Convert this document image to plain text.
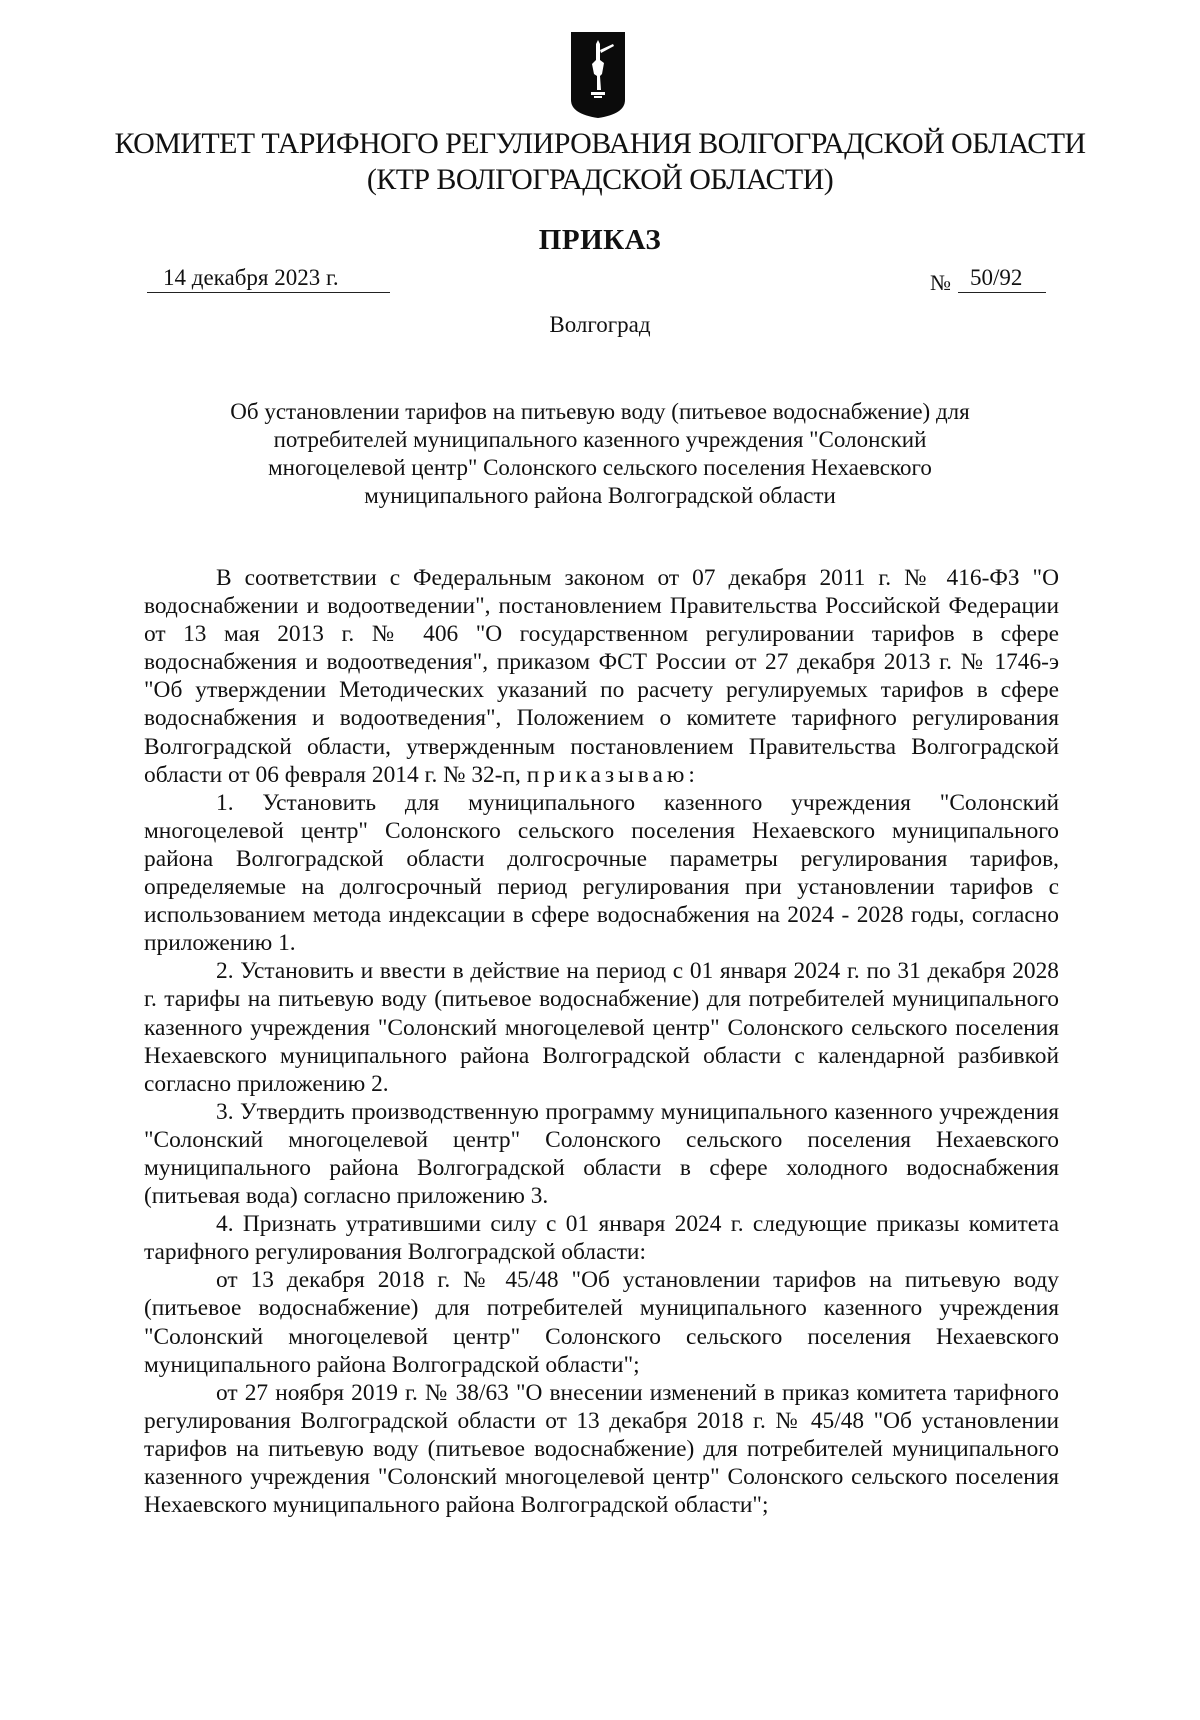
КОМИТЕТ ТАРИФНОГО РЕГУЛИРОВАНИЯ ВОЛГОГРАДСКОЙ ОБЛАСТИ
(КТР ВОЛГОГРАДСКОЙ ОБЛАСТИ)
ПРИКАЗ
14 декабря 2023 г.	№ 50/92
Волгоград
Об установлении тарифов на питьевую воду (питьевое водоснабжение) для потребителей муниципального казенного учреждения "Солонский многоцелевой центр" Солонского сельского поселения Нехаевского муниципального района Волгоградской области

В соответствии с Федеральным законом от 07 декабря 2011 г. № 416-ФЗ "О водоснабжении и водоотведении", постановлением Правительства Российской Федерации от 13 мая 2013 г. № 406 "О государственном регулировании тарифов в сфере водоснабжения и водоотведения", приказом ФСТ России от 27 декабря 2013 г. № 1746-э "Об утверждении Методических указаний по расчету регулируемых тарифов в сфере водоснабжения и водоотведения", Положением о комитете тарифного регулирования Волгоградской области, утвержденным постановлением Правительства Волгоградской области от 06 февраля 2014 г. № 32-п, приказываю:

1. Установить для муниципального казенного учреждения "Солонский многоцелевой центр" Солонского сельского поселения Нехаевского муниципального района Волгоградской области долгосрочные параметры регулирования тарифов, определяемые на долгосрочный период регулирования при установлении тарифов с использованием метода индексации в сфере водоснабжения на 2024 - 2028 годы, согласно приложению 1.

2. Установить и ввести в действие на период с 01 января 2024 г. по 31 декабря 2028 г. тарифы на питьевую воду (питьевое водоснабжение) для потребителей муниципального казенного учреждения "Солонский многоцелевой центр" Солонского сельского поселения Нехаевского муниципального района Волгоградской области с календарной разбивкой согласно приложению 2.

3. Утвердить производственную программу муниципального казенного учреждения "Солонский многоцелевой центр" Солонского сельского поселения Нехаевского муниципального района Волгоградской области в сфере холодного водоснабжения (питьевая вода) согласно приложению 3.

4. Признать утратившими силу с 01 января 2024 г. следующие приказы комитета тарифного регулирования Волгоградской области:

от 13 декабря 2018 г. № 45/48 "Об установлении тарифов на питьевую воду (питьевое водоснабжение) для потребителей муниципального казенного учреждения "Солонский многоцелевой центр" Солонского сельского поселения Нехаевского муниципального района Волгоградской области";

от 27 ноября 2019 г. № 38/63 "О внесении изменений в приказ комитета тарифного регулирования Волгоградской области от 13 декабря 2018 г. № 45/48 "Об установлении тарифов на питьевую воду (питьевое водоснабжение) для потребителей муниципального казенного учреждения "Солонский многоцелевой центр" Солонского сельского поселения Нехаевского муниципального района Волгоградской области";
